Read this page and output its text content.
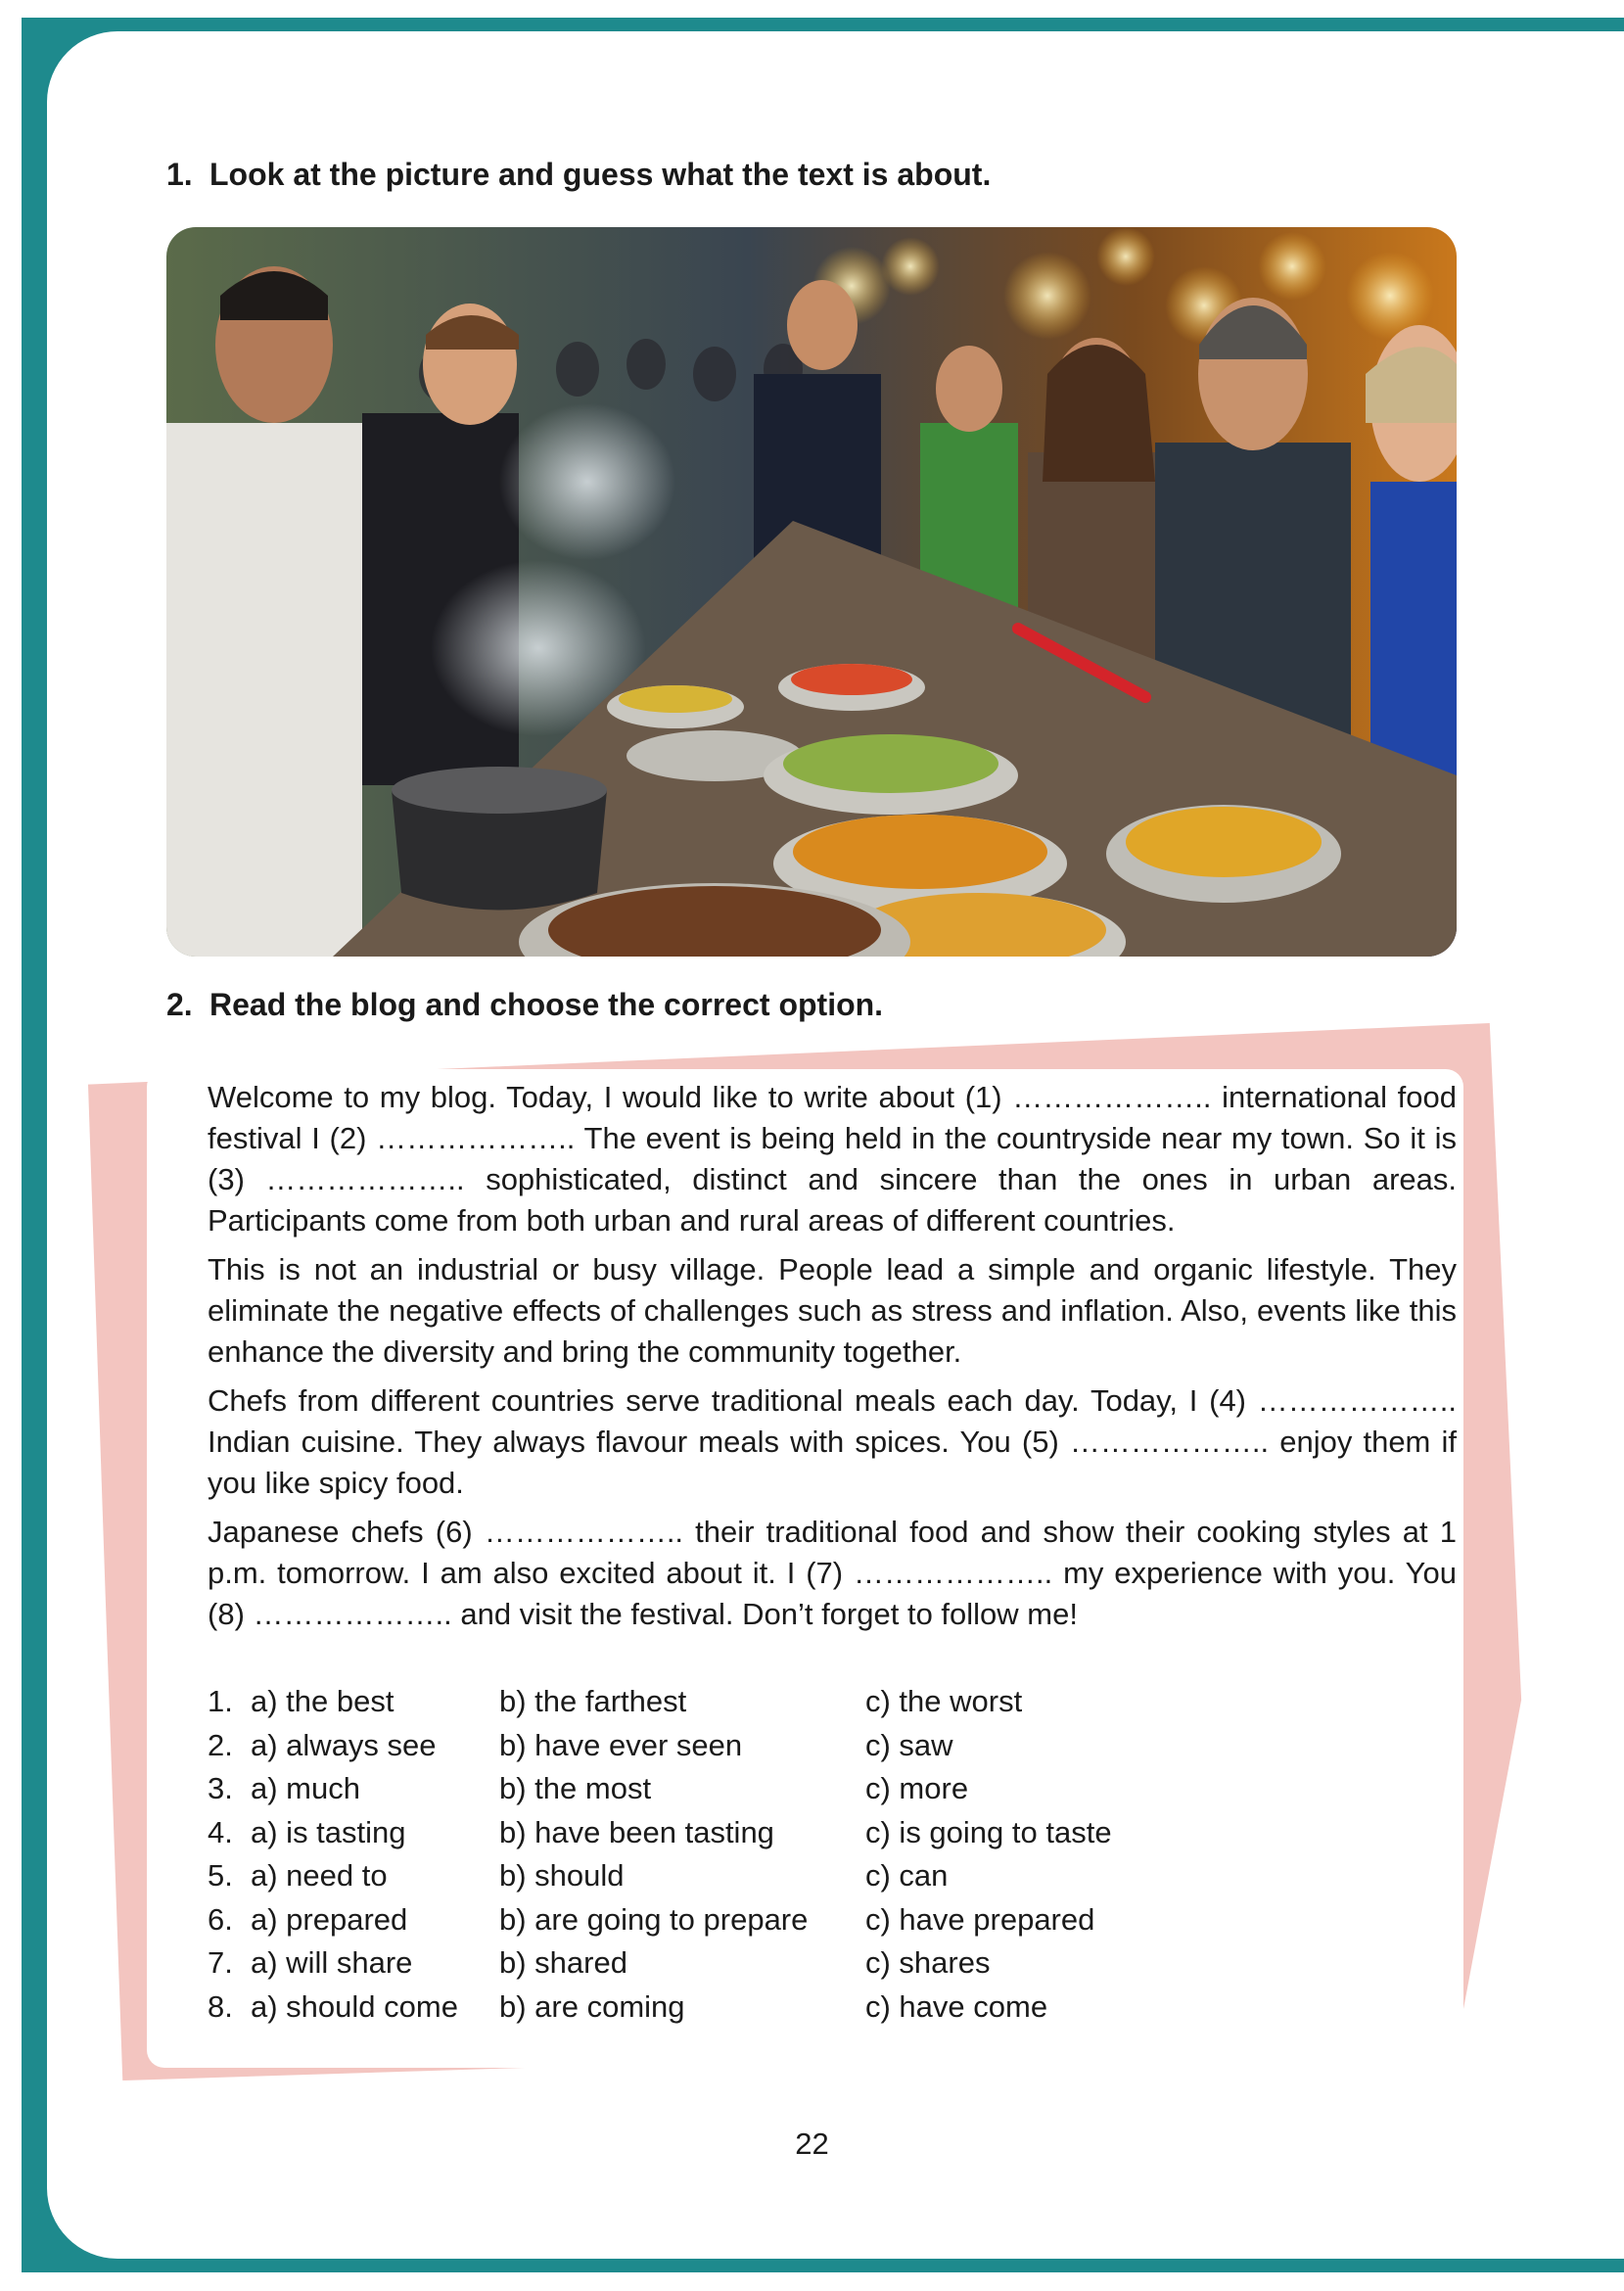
1. Look at the picture and guess what the text is about.
2. Read the blog and choose the correct option.

Welcome to my blog. Today, I would like to write about (1) ……………….. international food festival I (2) ……………….. The event is being held in the countryside near my town. So it is (3) ……………….. sophisticated, distinct and sincere than the ones in urban areas. Participants come from both urban and rural areas of different countries.

This is not an industrial or busy village. People lead a simple and organic lifestyle. They eliminate the negative effects of challenges such as stress and inflation. Also, events like this enhance the diversity and bring the community together.

Chefs from different countries serve traditional meals each day. Today, I (4) ……………….. Indian cuisine. They always flavour meals with spices. You (5) ……………….. enjoy them if you like spicy food.

Japanese chefs (6) ……………….. their traditional food and show their cooking styles at 1 p.m. tomorrow. I am also excited about it. I (7) ……………….. my experience with you. You (8) ……………….. and visit the festival. Don’t forget to follow me!

1. a) the best	b) the farthest	c) the worst
2. a) always see b) have ever seen	c) saw
3. a) much	b) the most	c) more
4. a) is tasting	b) have been tasting	c) is going to taste
5. a) need to	b) should	c) can
6. a) prepared	b) are going to prepare c) have prepared
7. a) will share	b) shared	c) shares
8. a) should come b) are coming	c) have come
22
